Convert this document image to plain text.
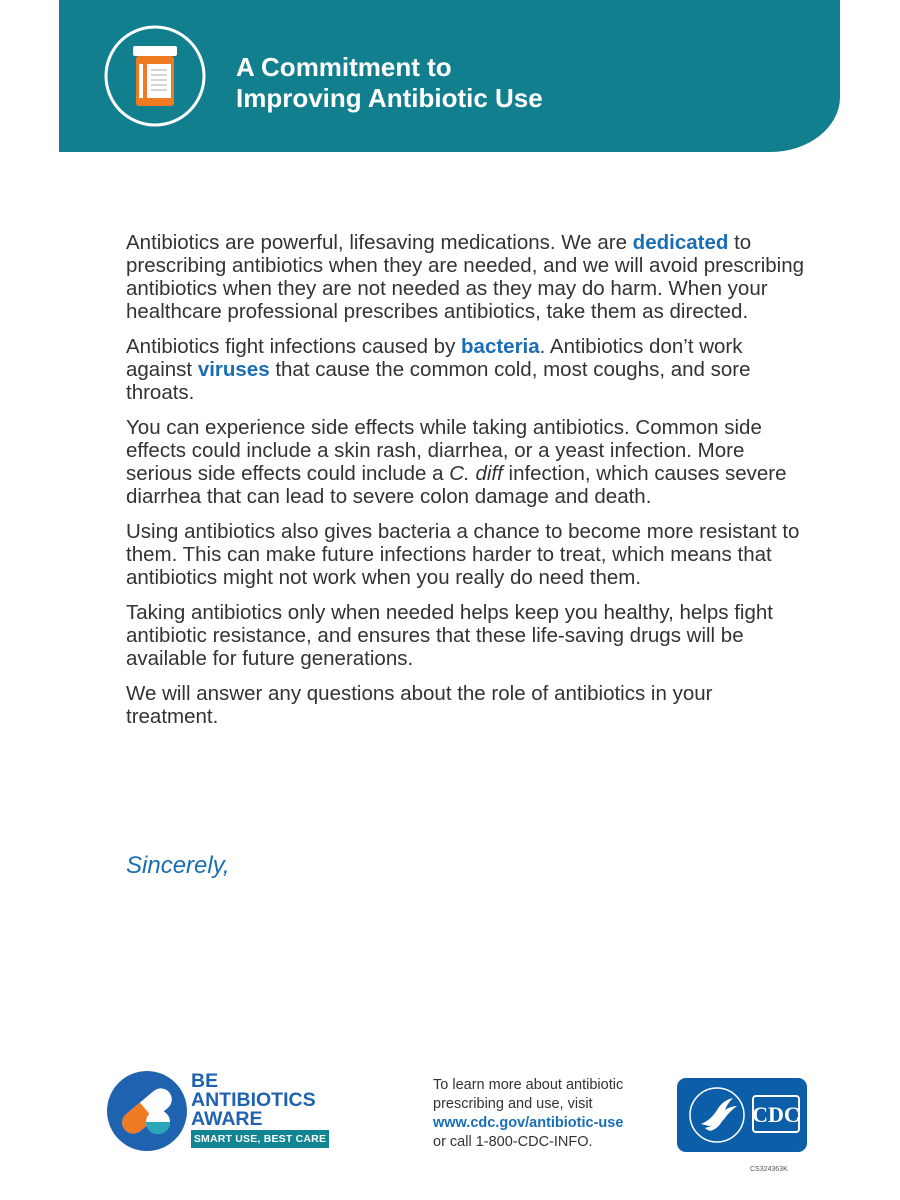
A Commitment to
Improving Antibiotic Use

Antibiotics are powerful, lifesaving medications. We are dedicated to prescribing antibiotics when they are needed, and we will avoid prescribing antibiotics when they are not needed as they may do harm. When your healthcare professional prescribes antibiotics, take them as directed.

Antibiotics fight infections caused by bacteria. Antibiotics don’t work against viruses that cause the common cold, most coughs, and sore throats.

You can experience side effects while taking antibiotics. Common side effects could include a skin rash, diarrhea, or a yeast infection. More serious side effects could include a C. diff infection, which causes severe diarrhea that can lead to severe colon damage and death.

Using antibiotics also gives bacteria a chance to become more resistant to them. This can make future infections harder to treat, which means that antibiotics might not work when you really do need them.

Taking antibiotics only when needed helps keep you healthy, helps fight antibiotic resistance, and ensures that these life-saving drugs will be available for future generations.

We will answer any questions about the role of antibiotics in your treatment.

Sincerely,
BE
ANTIBIOTICS
AWARE
SMART USE, BEST CARE
To learn more about antibiotic
prescribing and use, visit
www.cdc.gov/antibiotic-use
or call 1-800-CDC-INFO.
CDC
CS324363K
